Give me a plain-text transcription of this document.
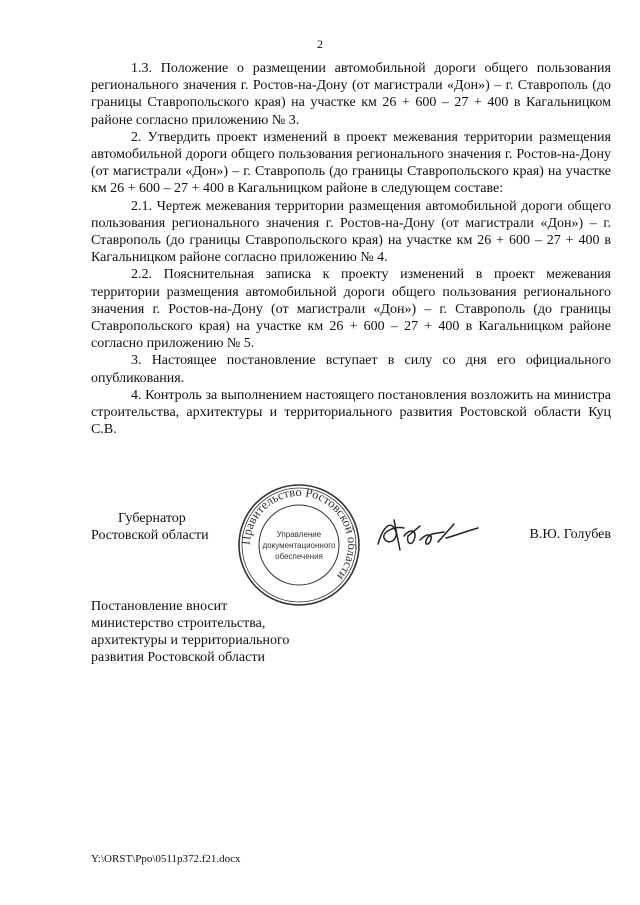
2

1.3. Положение о размещении автомобильной дороги общего пользования регионального значения г. Ростов-на-Дону (от магистрали «Дон») – г. Ставрополь (до границы Ставропольского края) на участке км 26 + 600 – 27 + 400 в Кагальницком районе согласно приложению № 3.

2. Утвердить проект изменений в проект межевания территории размещения автомобильной дороги общего пользования регионального значения г. Ростов-на-Дону (от магистрали «Дон») – г. Ставрополь (до границы Ставропольского края) на участке км 26 + 600 – 27 + 400 в Кагальницком районе в следующем составе:

2.1. Чертеж межевания территории размещения автомобильной дороги общего пользования регионального значения г. Ростов-на-Дону (от магистрали «Дон») – г. Ставрополь (до границы Ставропольского края) на участке км 26 + 600 – 27 + 400 в Кагальницком районе согласно приложению № 4.

2.2. Пояснительная записка к проекту изменений в проект межевания территории размещения автомобильной дороги общего пользования регионального значения г. Ростов-на-Дону (от магистрали «Дон») – г. Ставрополь (до границы Ставропольского края) на участке км 26 + 600 – 27 + 400 в Кагальницком районе согласно приложению № 5.

3. Настоящее постановление вступает в силу со дня его официального опубликования.

4. Контроль за выполнением настоящего постановления возложить на министра строительства, архитектуры и территориального развития Ростовской области Куц С.В.

Губернатор
Ростовской области Правительство Ростовской области
Управление
документационного
обеспечения
В.Ю. Голубев
Постановление вносит
министерство строительства,
архитектуры и территориального
развития Ростовской области
Y:\ORST\Ppo\0511p372.f21.docx
